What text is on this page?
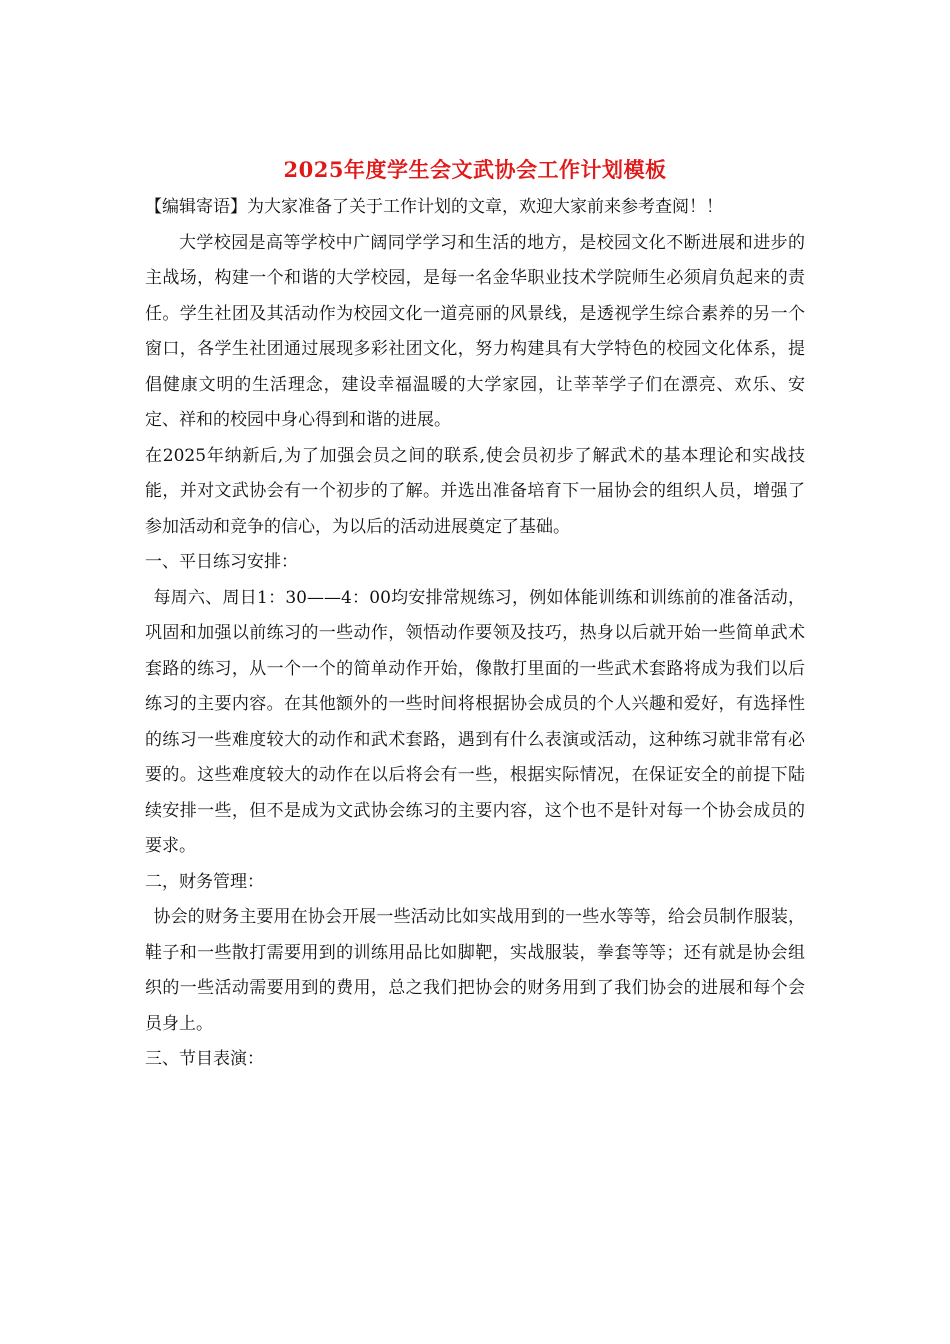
2025年度学生会文武协会工作计划模板

【编辑寄语】为大家准备了关于工作计划的文章，欢迎大家前来参考查阅！！

大学校园是高等学校中广阔同学学习和生活的地方，是校园文化不断进展和进步的主战场，构建一个和谐的大学校园，是每一名金华职业技术学院师生必须肩负起来的责任。学生社团及其活动作为校园文化一道亮丽的风景线，是透视学生综合素养的另一个窗口，各学生社团通过展现多彩社团文化，努力构建具有大学特色的校园文化体系，提倡健康文明的生活理念，建设幸福温暖的大学家园，让莘莘学子们在漂亮、欢乐、安定、祥和的校园中身心得到和谐的进展。

在2025年纳新后,为了加强会员之间的联系,使会员初步了解武术的基本理论和实战技能，并对文武协会有一个初步的了解。并选出准备培育下一届协会的组织人员，增强了参加活动和竞争的信心，为以后的活动进展奠定了基础。

一、平日练习安排：

每周六、周日1：30——4：00均安排常规练习，例如体能训练和训练前的准备活动，巩固和加强以前练习的一些动作，领悟动作要领及技巧，热身以后就开始一些简单武术套路的练习，从一个一个的简单动作开始，像散打里面的一些武术套路将成为我们以后练习的主要内容。在其他额外的一些时间将根据协会成员的个人兴趣和爱好，有选择性的练习一些难度较大的动作和武术套路，遇到有什么表演或活动，这种练习就非常有必要的。这些难度较大的动作在以后将会有一些，根据实际情况，在保证安全的前提下陆续安排一些，但不是成为文武协会练习的主要内容，这个也不是针对每一个协会成员的要求。

二，财务管理：

协会的财务主要用在协会开展一些活动比如实战用到的一些水等等，给会员制作服装，鞋子和一些散打需要用到的训练用品比如脚靶，实战服装，拳套等等；还有就是协会组织的一些活动需要用到的费用，总之我们把协会的财务用到了我们协会的进展和每个会员身上。

三、节目表演：
